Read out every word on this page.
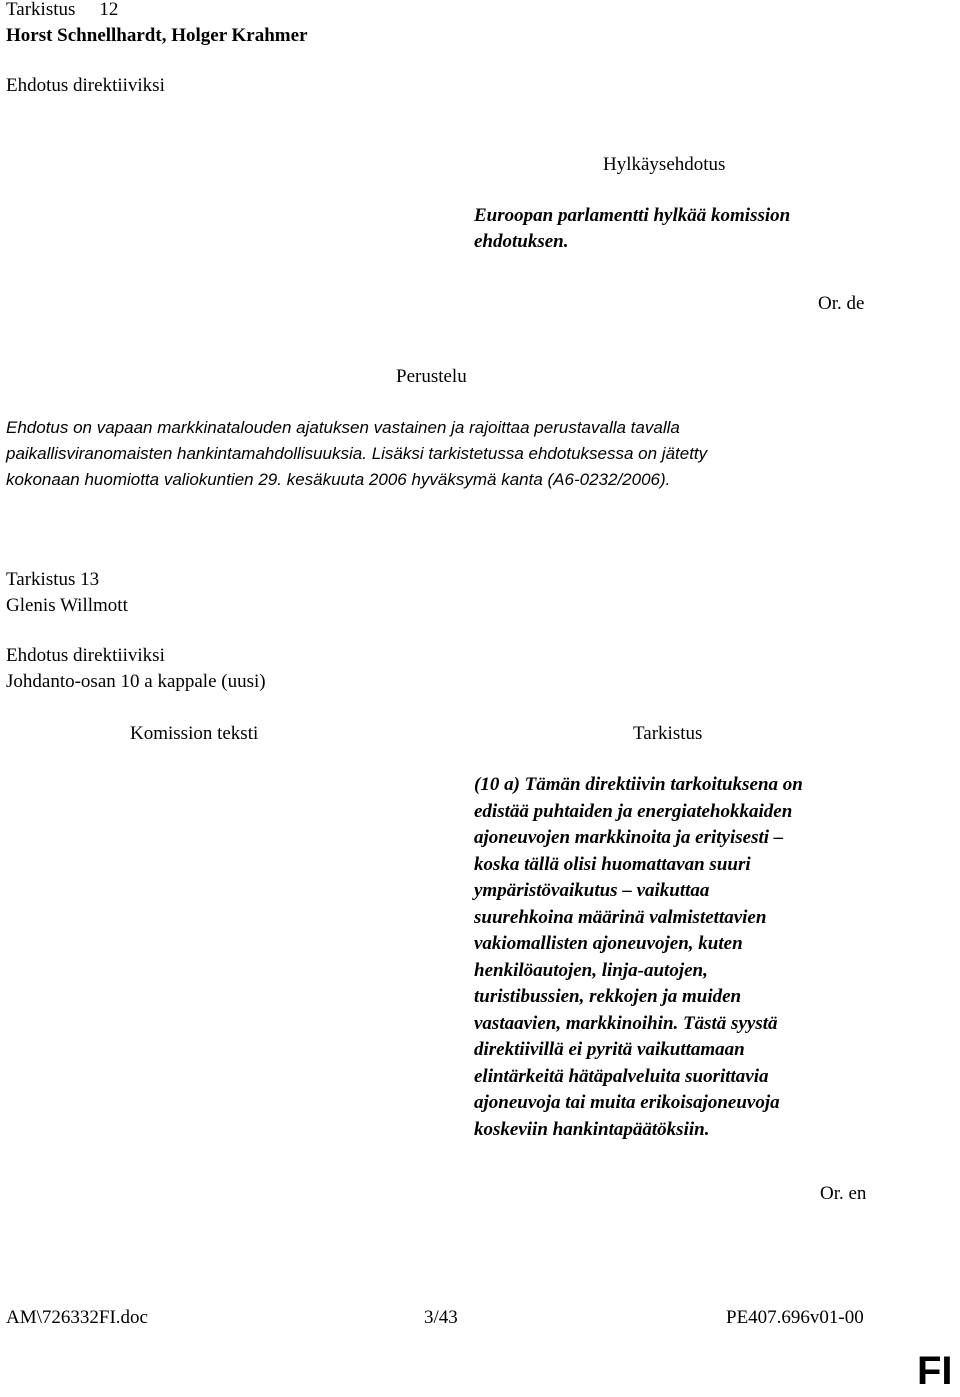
Tarkistus 12
Horst Schnellhardt, Holger Krahmer
Ehdotus direktiiviksi
Hylkäysehdotus
Euroopan parlamentti hylkää komission
ehdotuksen.
Or. de
Perustelu
Ehdotus on vapaan markkinatalouden ajatuksen vastainen ja rajoittaa perustavalla tavalla
paikallisviranomaisten hankintamahdollisuuksia. Lisäksi tarkistetussa ehdotuksessa on jätetty
kokonaan huomiotta valiokuntien 29. kesäkuuta 2006 hyväksymä kanta (A6-0232/2006).
Tarkistus 13
Glenis Willmott
Ehdotus direktiiviksi
Johdanto-osan 10 a kappale (uusi)
Komission teksti	Tarkistus
(10 a) Tämän direktiivin tarkoituksena on
edistää puhtaiden ja energiatehokkaiden
ajoneuvojen markkinoita ja erityisesti –
koska tällä olisi huomattavan suuri
ympäristövaikutus – vaikuttaa
suurehkoina määrinä valmistettavien
vakiomallisten ajoneuvojen, kuten
henkilöautojen, linja-autojen,
turistibussien, rekkojen ja muiden
vastaavien, markkinoihin. Tästä syystä
direktiivillä ei pyritä vaikuttamaan
elintärkeitä hätäpalveluita suorittavia
ajoneuvoja tai muita erikoisajoneuvoja
koskeviin hankintapäätöksiin.
Or. en
AM\726332FI.doc	3/43	PE407.696v01-00
FI
